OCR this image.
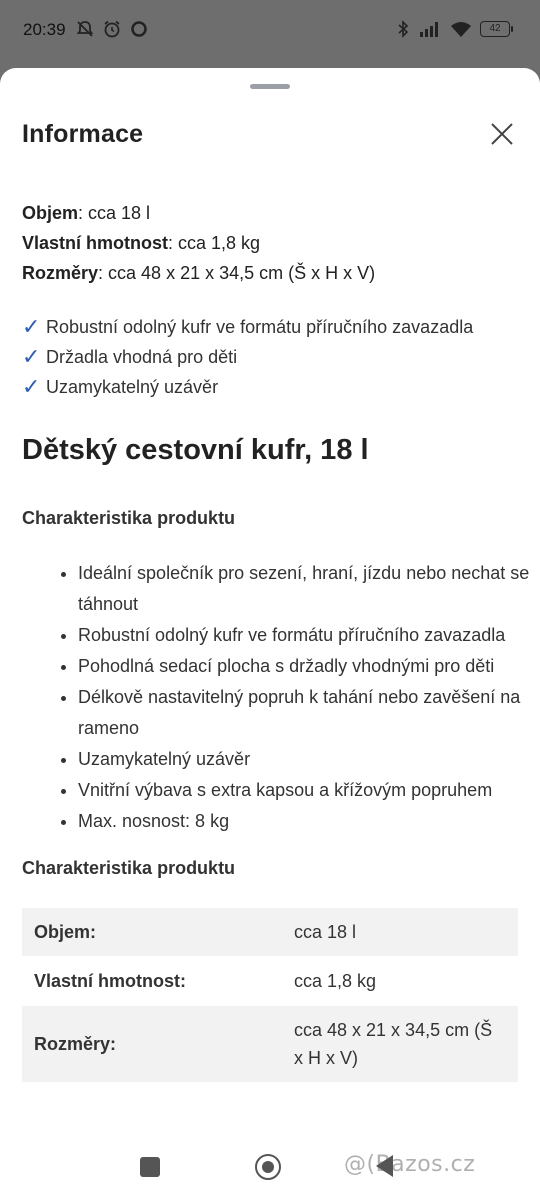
20:39	42
Informace
Objem: cca 18 l
Vlastní hmotnost: cca 1,8 kg
Rozměry: cca 48 x 21 x 34,5 cm (Š x H x V)
✓ Robustní odolný kufr ve formátu příručního zavazadla
✓ Držadla vhodná pro děti
✓ Uzamykatelný uzávěr
Dětský cestovní kufr, 18 l
Charakteristika produktu
• Ideální společník pro sezení, hraní, jízdu nebo nechat se táhnout
• Robustní odolný kufr ve formátu příručního zavazadla
• Pohodlná sedací plocha s držadly vhodnými pro děti
• Délkově nastavitelný popruh k tahání nebo zavěšení na rameno
• Uzamykatelný uzávěr
• Vnitřní výbava s extra kapsou a křížovým popruhem
• Max. nosnost: 8 kg
Charakteristika produktu
Objem:	cca 18 l
Vlastní hmotnost:	cca 1,8 kg
Rozměry:	cca 48 x 21 x 34,5 cm (Š x H x V)
@(Bazos.cz
